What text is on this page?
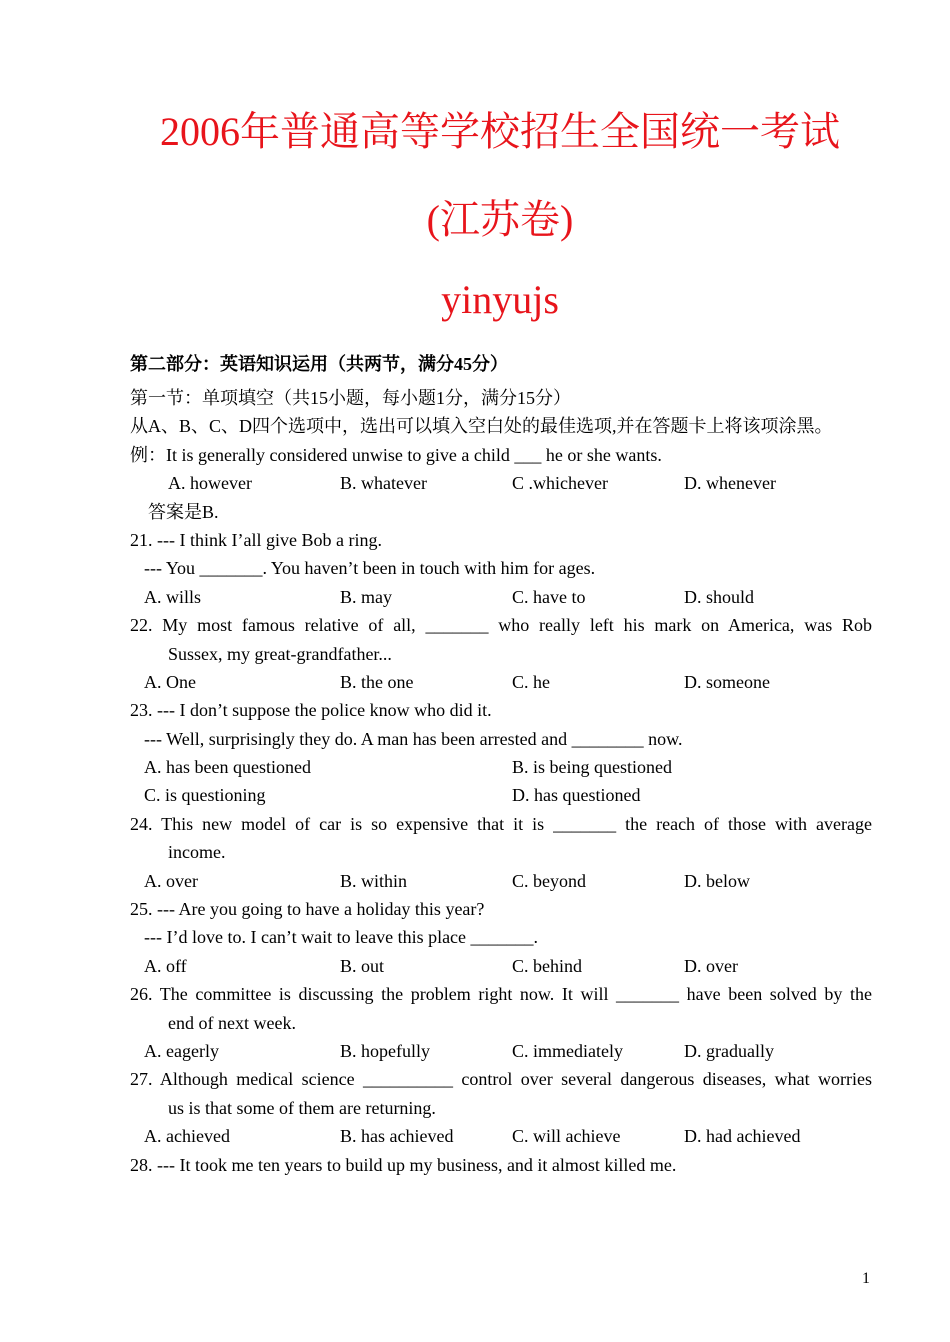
2006年普通高等学校招生全国统一考试
(江苏卷)
yinyujs
第二部分：英语知识运用（共两节，满分45分）
第一节：单项填空（共15小题，每小题1分，满分15分）
从A、B、C、D四个选项中，选出可以填入空白处的最佳选项,并在答题卡上将该项涂黑。
例：It is generally considered unwise to give a child ___ he or she wants.
A. however	B. whatever	C .whichever	D. whenever
答案是B.
21. --- I think I’all give Bob a ring.
--- You _______. You haven’t been in touch with him for ages.
A. wills	B. may	C. have to	D. should
22. My most famous relative of all, _______ who really left his mark on America, was Rob
Sussex, my great-grandfather...
A. One	B. the one	C. he	D. someone
23. --- I don’t suppose the police know who did it.
--- Well, surprisingly they do. A man has been arrested and ________ now.
A. has been questioned	B. is being questioned
C. is questioning	D. has questioned
24. This new model of car is so expensive that it is _______ the reach of those with average
income.
A. over	B. within	C. beyond	D. below
25. --- Are you going to have a holiday this year?
--- I’d love to. I can’t wait to leave this place _______.
A. off	B. out	C. behind	D. over
26. The committee is discussing the problem right now. It will _______ have been solved by the
end of next week.
A. eagerly	B. hopefully	C. immediately	D. gradually
27. Although medical science __________ control over several dangerous diseases, what worries
us is that some of them are returning.
A. achieved	B. has achieved	C. will achieve	D. had achieved
28. --- It took me ten years to build up my business, and it almost killed me.
1
